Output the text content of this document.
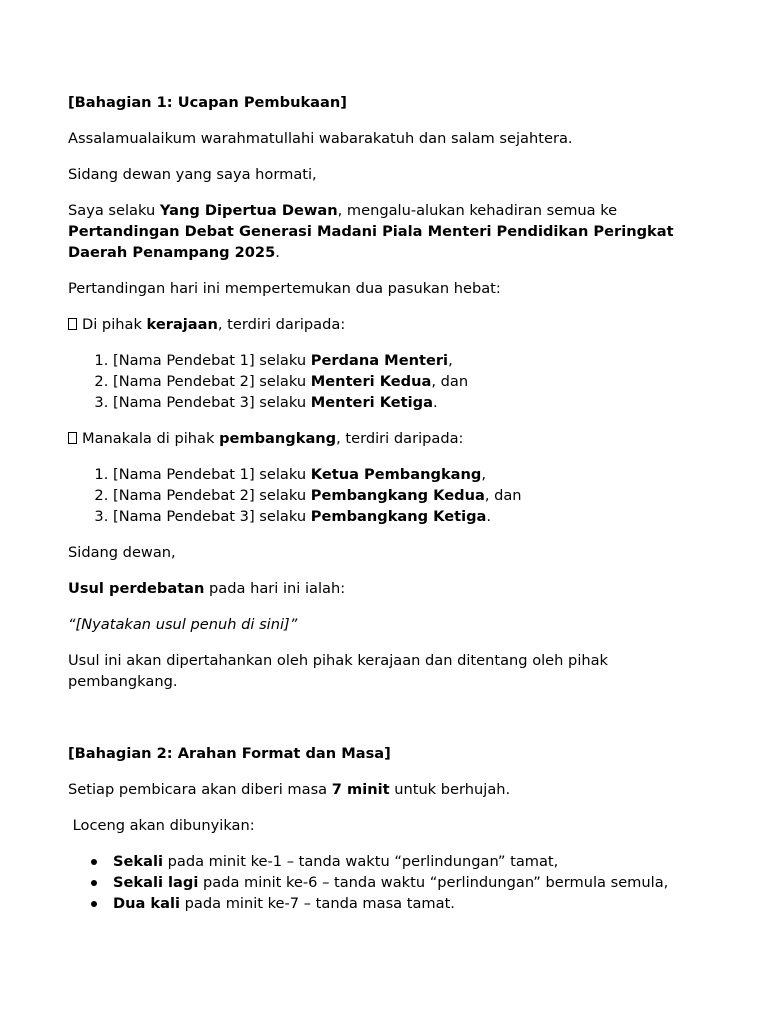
[Bahagian 1: Ucapan Pembukaan]

Assalamualaikum warahmatullahi wabarakatuh dan salam sejahtera.

Sidang dewan yang saya hormati,

Saya selaku Yang Dipertua Dewan, mengalu-alukan kehadiran semua ke Pertandingan Debat Generasi Madani Piala Menteri Pendidikan Peringkat Daerah Penampang 2025.

Pertandingan hari ini mempertemukan dua pasukan hebat:

Di pihak kerajaan, terdiri daripada:

1. [Nama Pendebat 1] selaku Perdana Menteri,
2. [Nama Pendebat 2] selaku Menteri Kedua, dan
3. [Nama Pendebat 3] selaku Menteri Ketiga.

Manakala di pihak pembangkang, terdiri daripada:

1. [Nama Pendebat 1] selaku Ketua Pembangkang,
2. [Nama Pendebat 2] selaku Pembangkang Kedua, dan
3. [Nama Pendebat 3] selaku Pembangkang Ketiga.

Sidang dewan,

Usul perdebatan pada hari ini ialah:

“[Nyatakan usul penuh di sini]”

Usul ini akan dipertahankan oleh pihak kerajaan dan ditentang oleh pihak pembangkang.

[Bahagian 2: Arahan Format dan Masa]

Setiap pembicara akan diberi masa 7 minit untuk berhujah.

Loceng akan dibunyikan:

Sekali pada minit ke-1 – tanda waktu “perlindungan” tamat,
Sekali lagi pada minit ke-6 – tanda waktu “perlindungan” bermula semula,
Dua kali pada minit ke-7 – tanda masa tamat.
